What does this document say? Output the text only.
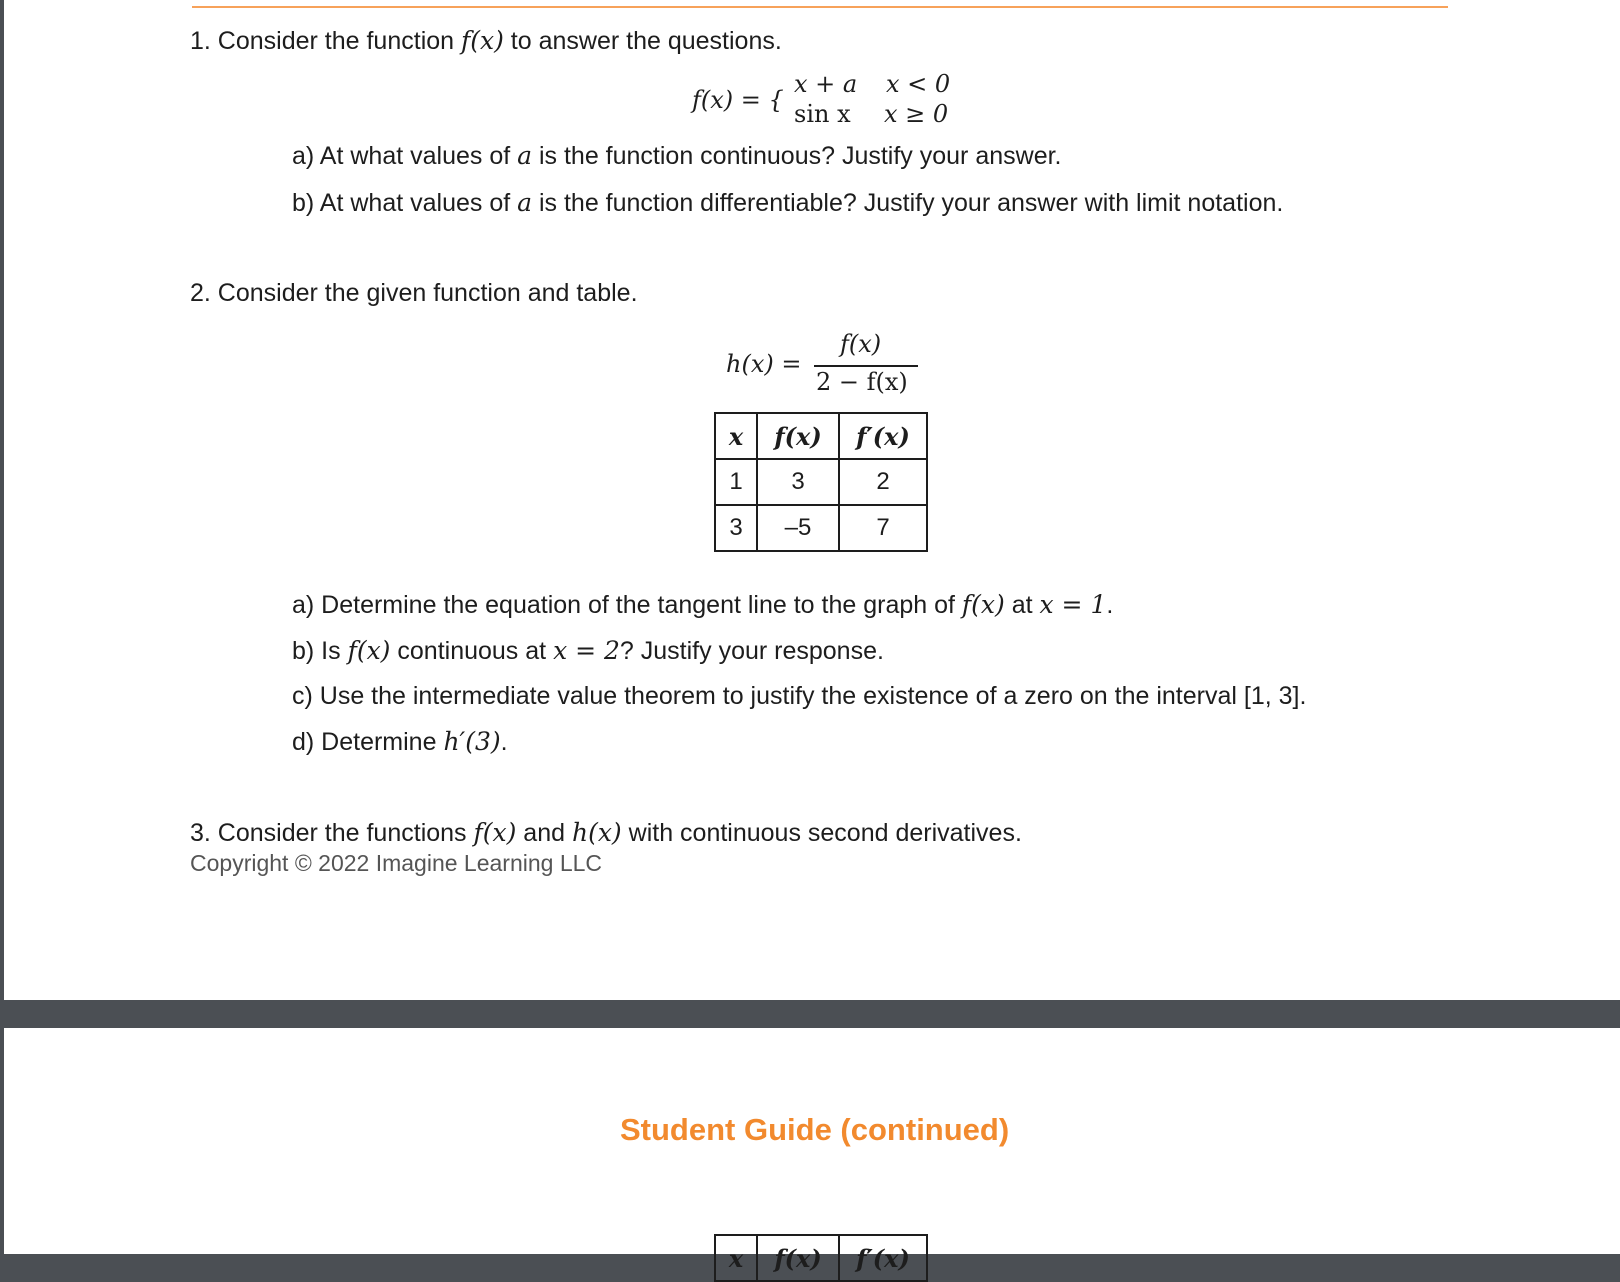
1. Consider the function f(x) to answer the questions.
f(x) = {
x + a x < 0
sin x x ≥ 0
a) At what values of a is the function continuous? Justify your answer.
b) At what values of a is the function differentiable? Justify your answer with limit notation.
2. Consider the given function and table.
h(x) =
f(x)
2 − f(x)
x	f(x)	f′(x)
1	3	2
3	–5	7
a) Determine the equation of the tangent line to the graph of f(x) at x = 1.
b) Is f(x) continuous at x = 2? Justify your response.
c) Use the intermediate value theorem to justify the existence of a zero on the interval [1, 3].
d) Determine h′(3).
3. Consider the functions f(x) and h(x) with continuous second derivatives.
Copyright © 2022 Imagine Learning LLC
Student Guide (continued)
x	f(x)	f′(x)
